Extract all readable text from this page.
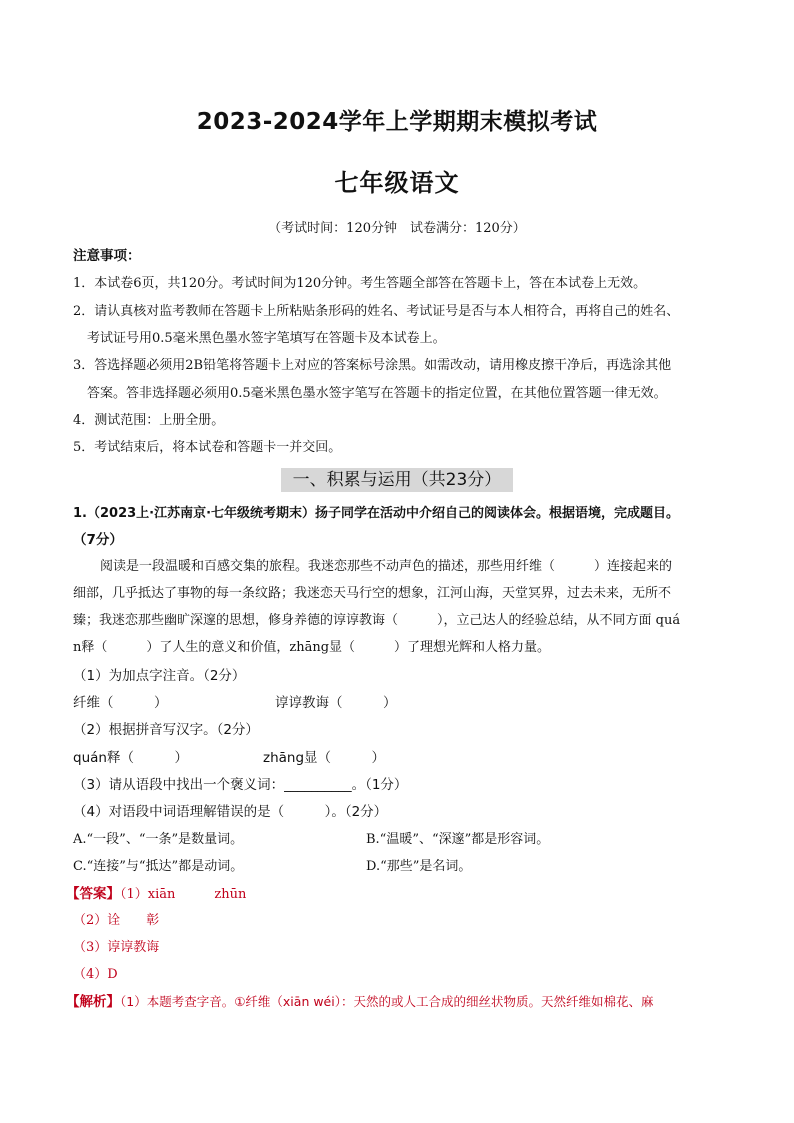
2023-2024学年上学期期末模拟考试
七年级语文
（考试时间：120分钟　试卷满分：120分）
注意事项：
1．本试卷6页，共120分。考试时间为120分钟。考生答题全部答在答题卡上，答在本试卷上无效。
2．请认真核对监考教师在答题卡上所粘贴条形码的姓名、考试证号是否与本人相符合，再将自己的姓名、
考试证号用0.5毫米黑色墨水签字笔填写在答题卡及本试卷上。
3．答选择题必须用2B铅笔将答题卡上对应的答案标号涂黑。如需改动，请用橡皮擦干净后，再选涂其他
答案。答非选择题必须用0.5毫米黑色墨水签字笔写在答题卡的指定位置，在其他位置答题一律无效。
4．测试范围：上册全册。
5．考试结束后，将本试卷和答题卡一并交回。
一、积累与运用（共23分）
1.（2023上·江苏南京·七年级统考期末）扬子同学在活动中介绍自己的阅读体会。根据语境，完成题目。
（7分）
阅读是一段温暖和百感交集的旅程。我迷恋那些不动声色的描述，那些用纤维（　　　）连接起来的
细部，几乎抵达了事物的每一条纹路；我迷恋天马行空的想象，江河山海，天堂冥界，过去未来，无所不
臻；我迷恋那些幽旷深邃的思想，修身养德的谆谆教诲（　　　），立己达人的经验总结，从不同方面 quá
n释（　　　）了人生的意义和价值，zhāng显（　　　）了理想光辉和人格力量。
（1）为加点字注音。（2分）
纤维（　　　）	谆谆教诲（　　　）
（2）根据拼音写汉字。（2分）
quán释（　　　）	zhāng显（　　　）
（3）请从语段中找出一个褒义词：__________。（1分）
（4）对语段中词语理解错误的是（　　　）。（2分）
A.“一段”、“一条”是数量词。	B.“温暖”、“深邃”都是形容词。
C.“连接”与“抵达”都是动词。	D.“那些”是名词。
【答案】（1）xiān　　　zhūn
（2）诠　　彰
（3）谆谆教诲
（4）D
【解析】（1）本题考查字音。①纤维（xiān wéi）：天然的或人工合成的细丝状物质。天然纤维如棉花、麻
